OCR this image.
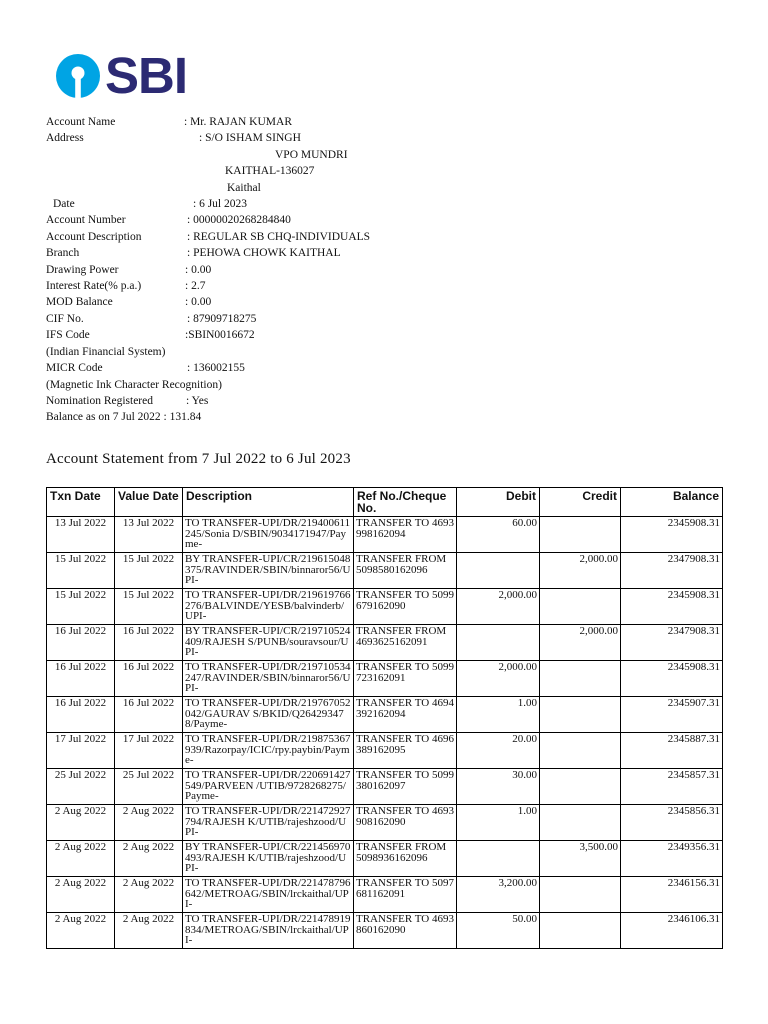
SBI
Account Name	: Mr. RAJAN KUMAR
Address	: S/O ISHAM SINGH
VPO MUNDRI
KAITHAL-136027
Kaithal
Date	: 6 Jul 2023
Account Number	: 00000020268284840
Account Description	: REGULAR SB CHQ-INDIVIDUALS
Branch	: PEHOWA CHOWK KAITHAL
Drawing Power	: 0.00
Interest Rate(% p.a.)	: 2.7
MOD Balance	: 0.00
CIF No.	: 87909718275
IFS Code	:SBIN0016672
(Indian Financial System)
MICR Code	: 136002155
(Magnetic Ink Character Recognition)
Nomination Registered	: Yes
Balance as on 7 Jul 2022 : 131.84
Account Statement from 7 Jul 2022 to 6 Jul 2023
Txn Date	Value Date	Description	Ref No./Cheque No.	Debit	Credit	Balance

13 Jul 2022	13 Jul 2022	TO TRANSFER-UPI/DR/219400611245/Sonia D/SBIN/9034171947/Payme-	TRANSFER TO 4693998162094	60.00		2345908.31

15 Jul 2022	15 Jul 2022	BY TRANSFER-UPI/CR/219615048375/RAVINDER/SBIN/binnaror56/UPI-	TRANSFER FROM 5098580162096		2,000.00	2347908.31

15 Jul 2022	15 Jul 2022	TO TRANSFER-UPI/DR/219619766276/BALVINDE/YESB/balvinderb/UPI-	TRANSFER TO 5099679162090	2,000.00		2345908.31

16 Jul 2022	16 Jul 2022	BY TRANSFER-UPI/CR/219710524409/RAJESH S/PUNB/souravsour/UPI-	TRANSFER FROM 4693625162091		2,000.00	2347908.31

16 Jul 2022	16 Jul 2022	TO TRANSFER-UPI/DR/219710534247/RAVINDER/SBIN/binnaror56/UPI-	TRANSFER TO 5099723162091	2,000.00		2345908.31

16 Jul 2022	16 Jul 2022	TO TRANSFER-UPI/DR/219767052042/GAURAV S/BKID/Q264293478/Payme-	TRANSFER TO 4694392162094	1.00		2345907.31

17 Jul 2022	17 Jul 2022	TO TRANSFER-UPI/DR/219875367939/Razorpay/ICIC/rpy.paybin/Payme-	TRANSFER TO 4696389162095	20.00		2345887.31

25 Jul 2022	25 Jul 2022	TO TRANSFER-UPI/DR/220691427549/PARVEEN /UTIB/9728268275/Payme-	TRANSFER TO 5099380162097	30.00		2345857.31

2 Aug 2022	2 Aug 2022	TO TRANSFER-UPI/DR/221472927794/RAJESH K/UTIB/rajeshzood/UPI-	TRANSFER TO 4693908162090	1.00		2345856.31

2 Aug 2022	2 Aug 2022	BY TRANSFER-UPI/CR/221456970493/RAJESH K/UTIB/rajeshzood/UPI-	TRANSFER FROM 5098936162096		3,500.00	2349356.31

2 Aug 2022	2 Aug 2022	TO TRANSFER-UPI/DR/221478796642/METROAG/SBIN/lrckaithal/UPI-	TRANSFER TO 5097681162091	3,200.00		2346156.31

2 Aug 2022	2 Aug 2022	TO TRANSFER-UPI/DR/221478919834/METROAG/SBIN/lrckaithal/UPI-	TRANSFER TO 4693860162090	50.00		2346106.31
